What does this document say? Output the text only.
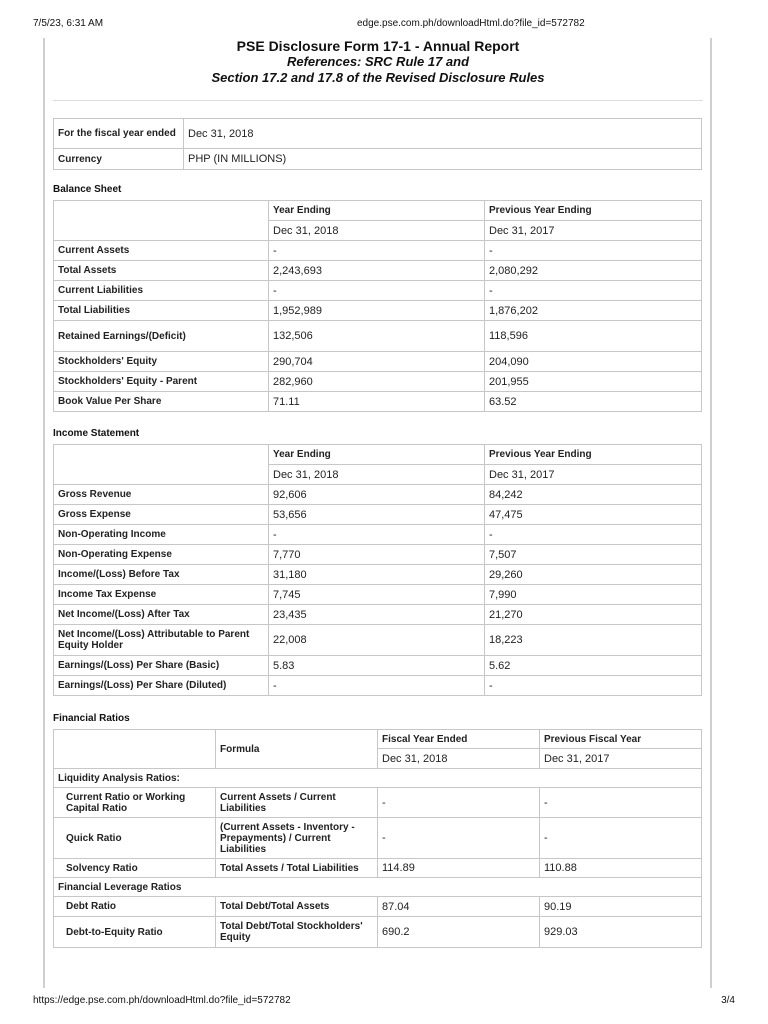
7/5/23, 6:31 AM	edge.pse.com.ph/downloadHtml.do?file_id=572782
PSE Disclosure Form 17-1 - Annual Report
References: SRC Rule 17 and
Section 17.2 and 17.8 of the Revised Disclosure Rules
For the fiscal year ended	Dec 31, 2018
Currency	PHP (IN MILLIONS)
Balance Sheet
	Year Ending	Previous Year Ending
	Dec 31, 2018	Dec 31, 2017
Current Assets	-	-
Total Assets	2,243,693	2,080,292
Current Liabilities	-	-
Total Liabilities	1,952,989	1,876,202
Retained Earnings/(Deficit)	132,506	118,596
Stockholders' Equity	290,704	204,090
Stockholders' Equity - Parent	282,960	201,955
Book Value Per Share	71.11	63.52
Income Statement
	Year Ending	Previous Year Ending
	Dec 31, 2018	Dec 31, 2017
Gross Revenue	92,606	84,242
Gross Expense	53,656	47,475
Non-Operating Income	-	-
Non-Operating Expense	7,770	7,507
Income/(Loss) Before Tax	31,180	29,260
Income Tax Expense	7,745	7,990
Net Income/(Loss) After Tax	23,435	21,270
Net Income/(Loss) Attributable to Parent Equity Holder	22,008	18,223
Earnings/(Loss) Per Share (Basic)	5.83	5.62
Earnings/(Loss) Per Share (Diluted)	-	-
Financial Ratios
	Formula	Fiscal Year Ended	Previous Fiscal Year
		Dec 31, 2018	Dec 31, 2017
Liquidity Analysis Ratios:			
Current Ratio or Working Capital Ratio	Current Assets / Current Liabilities	-	-
Quick Ratio	(Current Assets - Inventory - Prepayments) / Current Liabilities	-	-
Solvency Ratio	Total Assets / Total Liabilities	114.89	110.88
Financial Leverage Ratios			
Debt Ratio	Total Debt/Total Assets	87.04	90.19
Debt-to-Equity Ratio	Total Debt/Total Stockholders' Equity	690.2	929.03
https://edge.pse.com.ph/downloadHtml.do?file_id=572782	3/4
